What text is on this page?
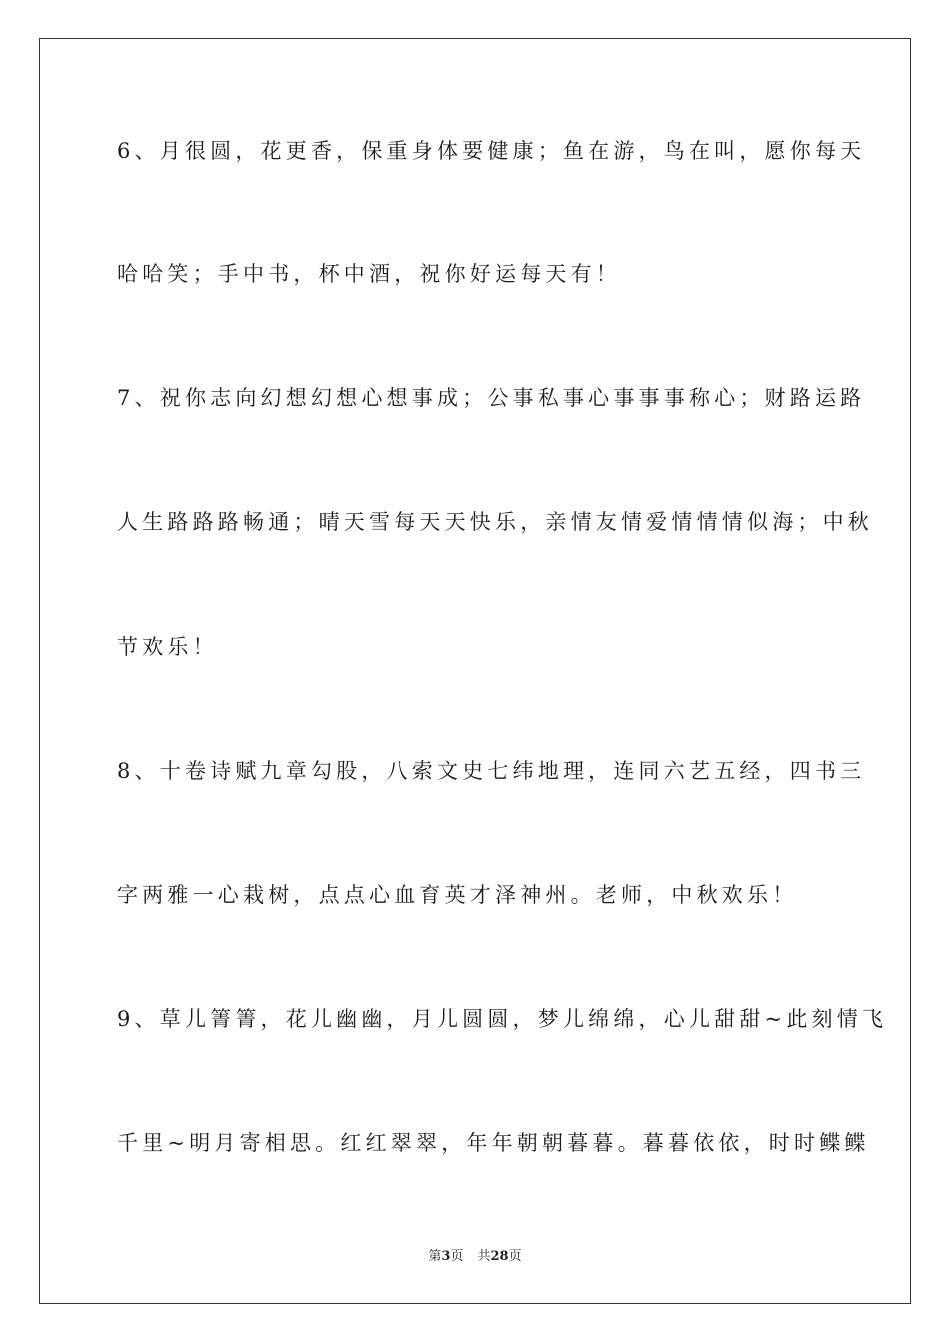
6、月很圆，花更香，保重身体要健康；鱼在游，鸟在叫，愿你每天
哈哈笑；手中书，杯中酒，祝你好运每天有！
7、祝你志向幻想幻想心想事成；公事私事心事事事称心；财路运路
人生路路路畅通；晴天雪每天天快乐，亲情友情爱情情情似海；中秋
节欢乐！
8、十卷诗赋九章勾股，八索文史七纬地理，连同六艺五经，四书三
字两雅一心栽树，点点心血育英才泽神州。老师，中秋欢乐！
9、草儿箐箐，花儿幽幽，月儿圆圆，梦儿绵绵，心儿甜甜~此刻情飞
千里~明月寄相思。红红翠翠，年年朝朝暮暮。暮暮依依，时时鲽鲽
第3页 共28页
